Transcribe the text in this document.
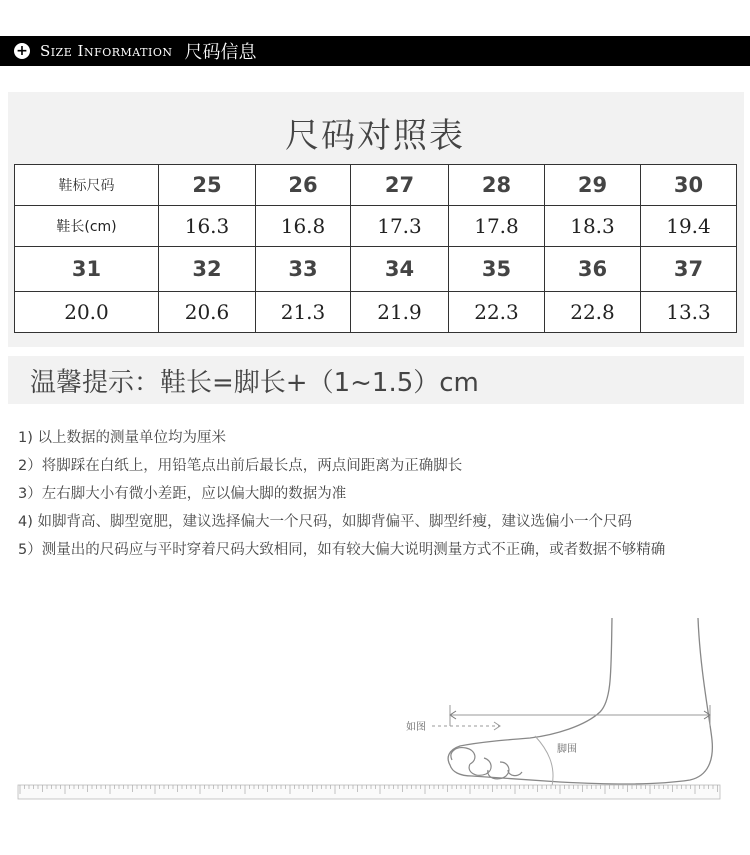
+ Size Information 尺码信息
尺码对照表
鞋标尺码	25	26	27	28	29	30
鞋长(cm)	16.3	16.8	17.3	17.8	18.3	19.4
31	32	33	34	35	36	37
20.0	20.6	21.3	21.9	22.3	22.8	13.3
温馨提示：鞋长=脚长+（1~1.5）cm

1) 以上数据的测量单位均为厘米

2）将脚踩在白纸上，用铅笔点出前后最长点，两点间距离为正确脚长

3）左右脚大小有微小差距，应以偏大脚的数据为准

4) 如脚背高、脚型宽肥，建议选择偏大一个尺码，如脚背偏平、脚型纤瘦，建议选偏小一个尺码

5）测量出的尺码应与平时穿着尺码大致相同，如有较大偏大说明测量方式不正确，或者数据不够精确

如图
脚围
